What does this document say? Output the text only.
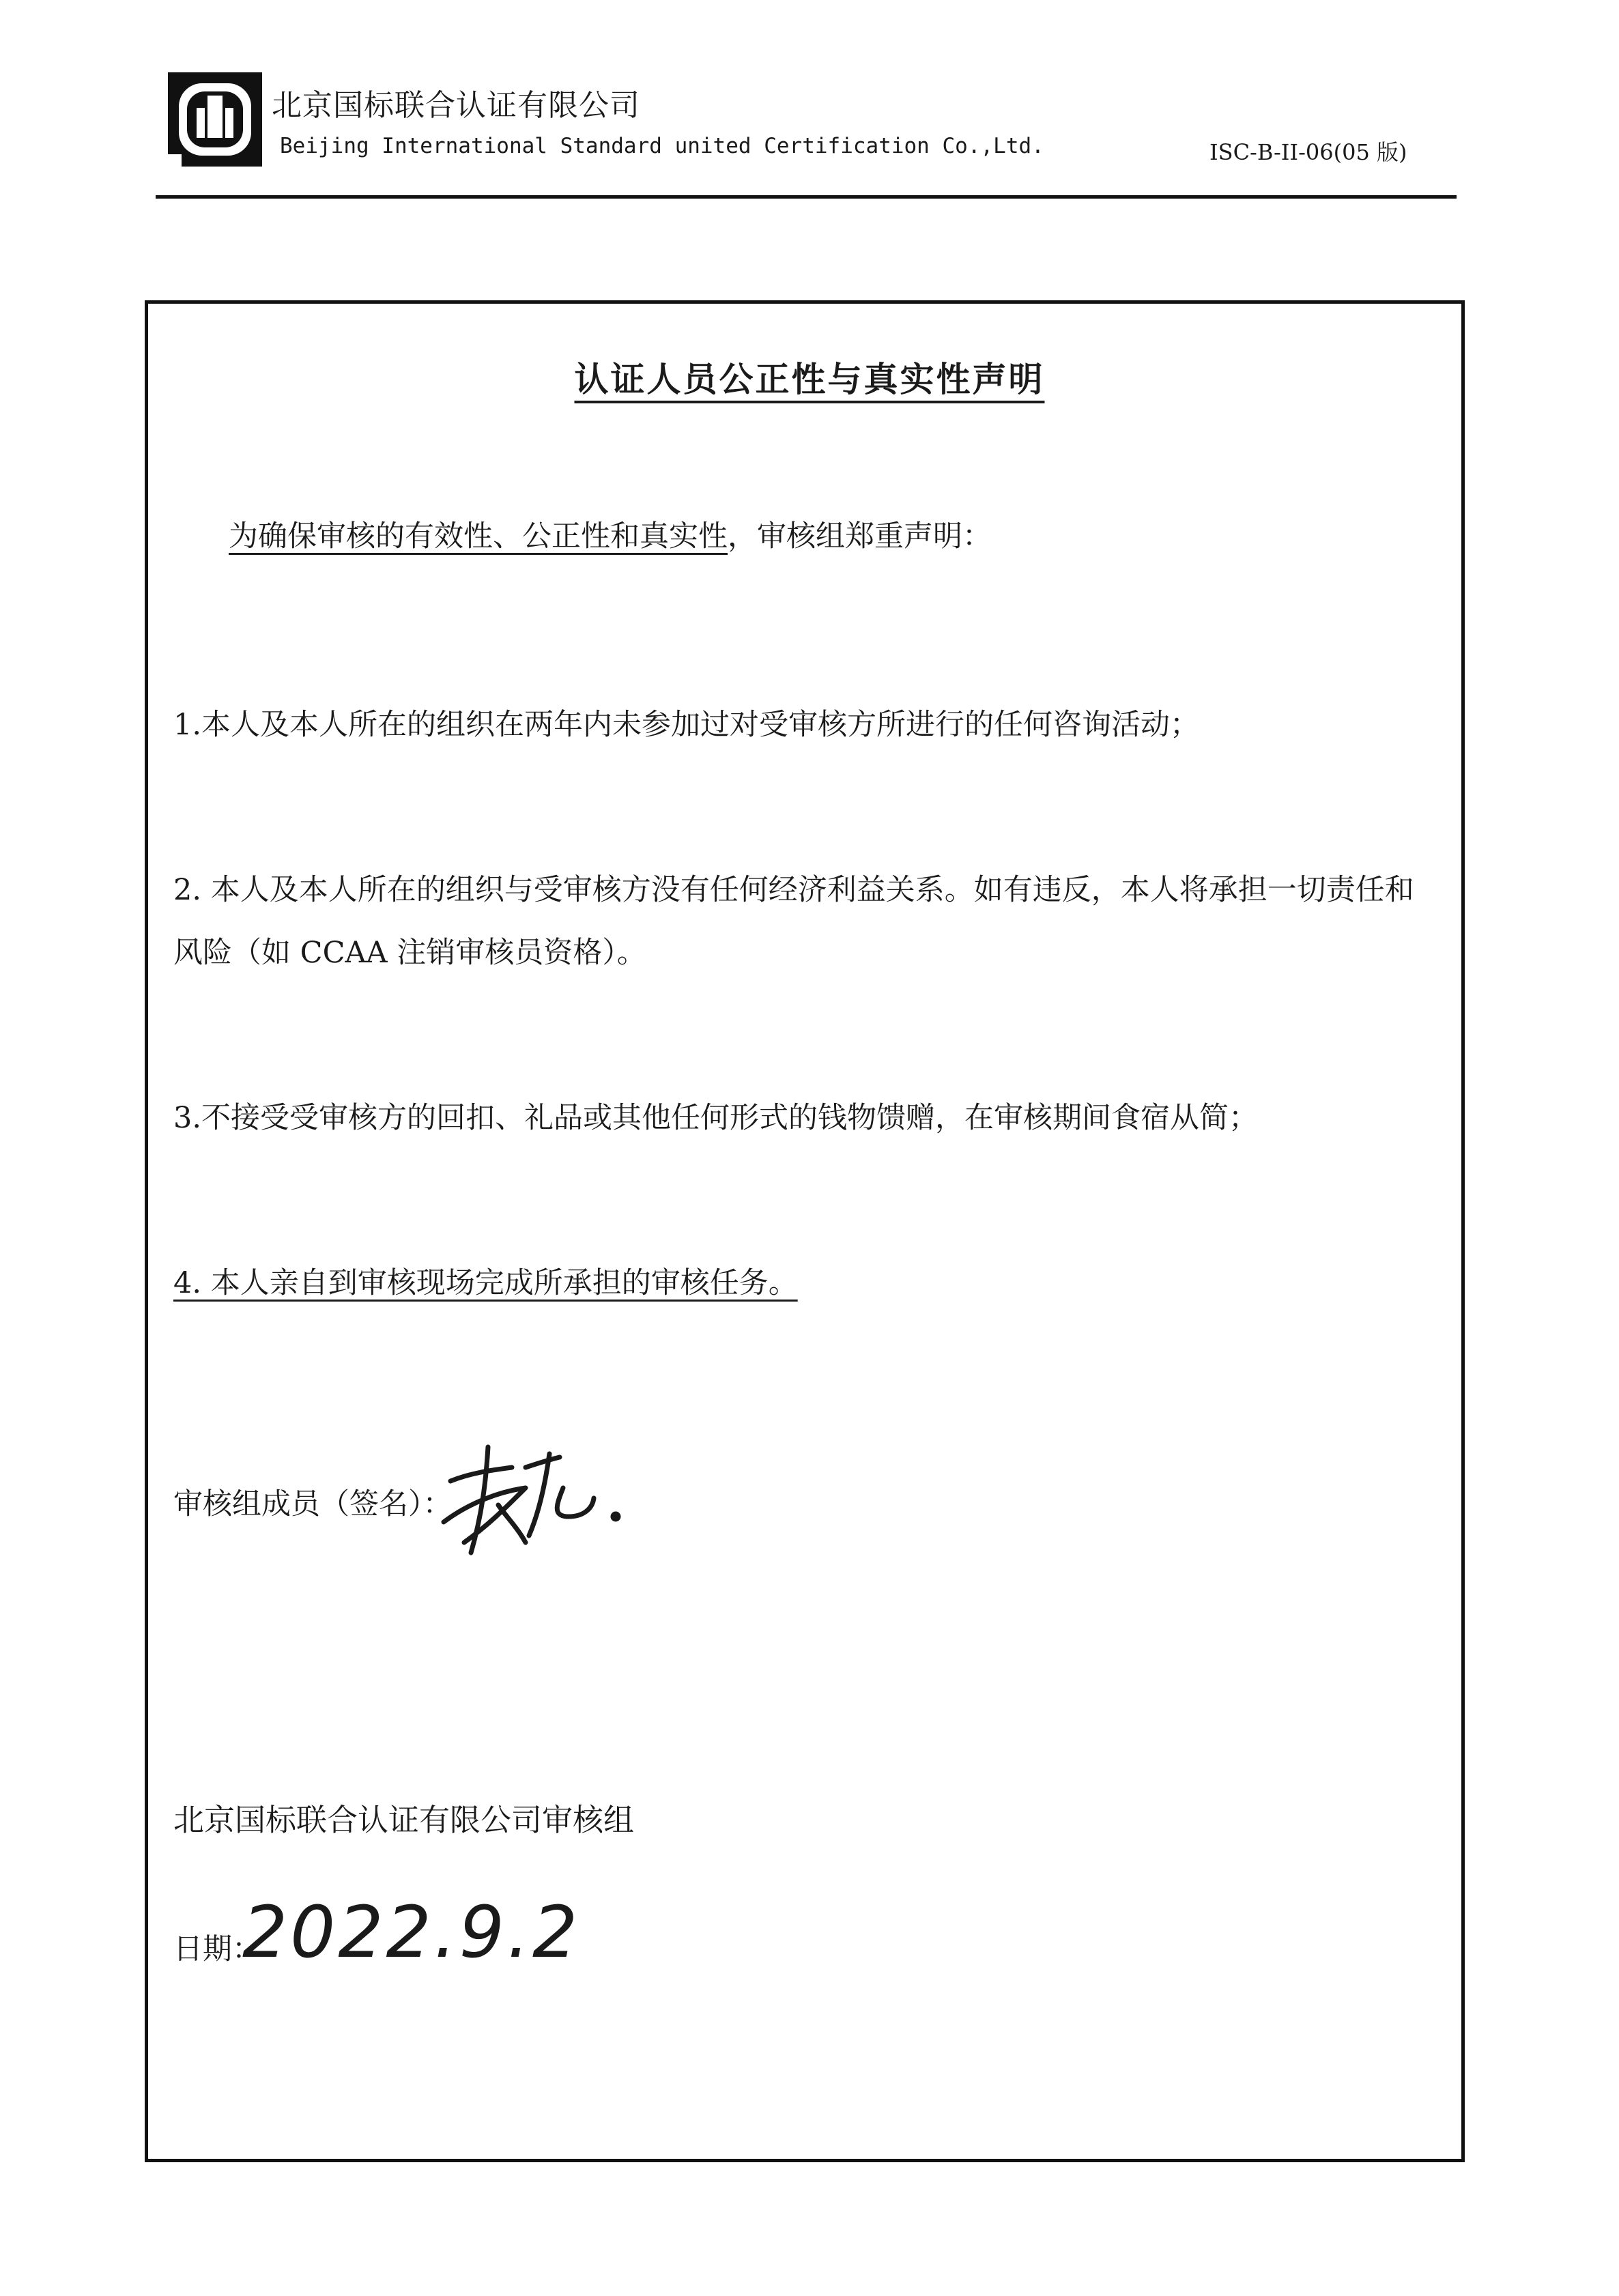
北京国标联合认证有限公司
Beijing International Standard united Certification Co.,Ltd.	ISC-B-II-06(05 版)
认证人员公正性与真实性声明
为确保审核的有效性、公正性和真实性，审核组郑重声明：
1.本人及本人所在的组织在两年内未参加过对受审核方所进行的任何咨询活动；
2. 本人及本人所在的组织与受审核方没有任何经济利益关系。如有违反，本人将承担一切责任和
风险（如 CCAA 注销审核员资格）。
3.不接受受审核方的回扣、礼品或其他任何形式的钱物馈赠，在审核期间食宿从简；
4. 本人亲自到审核现场完成所承担的审核任务。
审核组成员（签名）：
北京国标联合认证有限公司审核组
日期：
2022.9.2
